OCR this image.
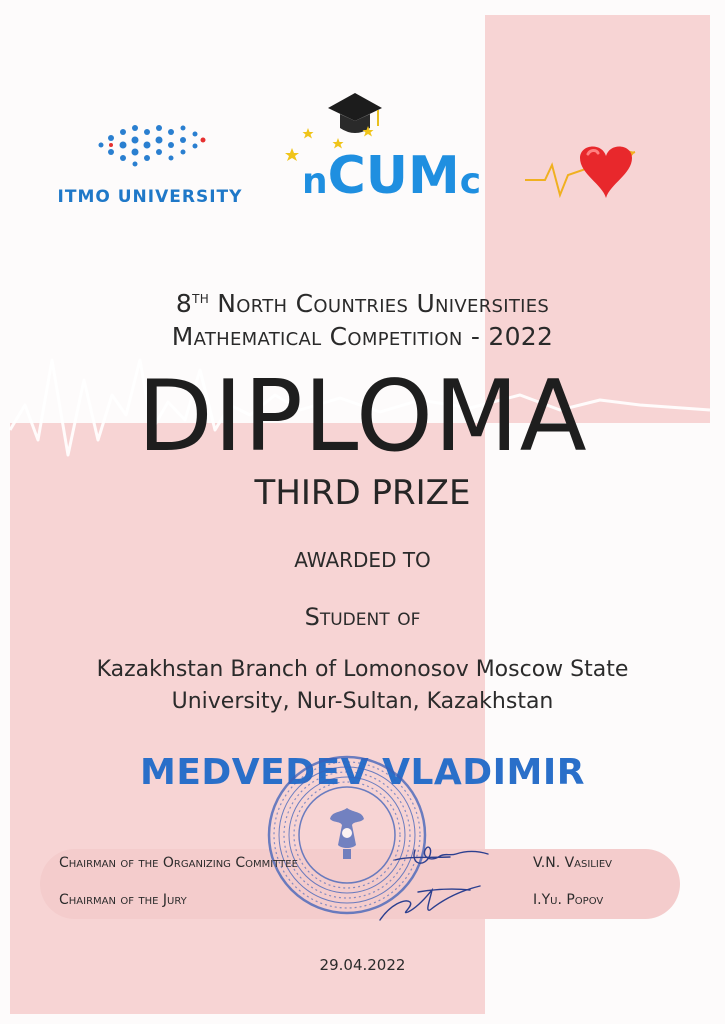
ITMO UNIVERSITY nCUMc
8TH North Countries Universities
Mathematical Competition - 2022
DIPLOMA
THIRD PRIZE
AWARDED TO
Student of
Kazakhstan Branch of Lomonosov Moscow State
University, Nur-Sultan, Kazakhstan
MEDVEDEV VLADIMIR
Chairman of the Organizing Committee	V.N. Vasiliev
Chairman of the Jury	I.Yu. Popov
29.04.2022
